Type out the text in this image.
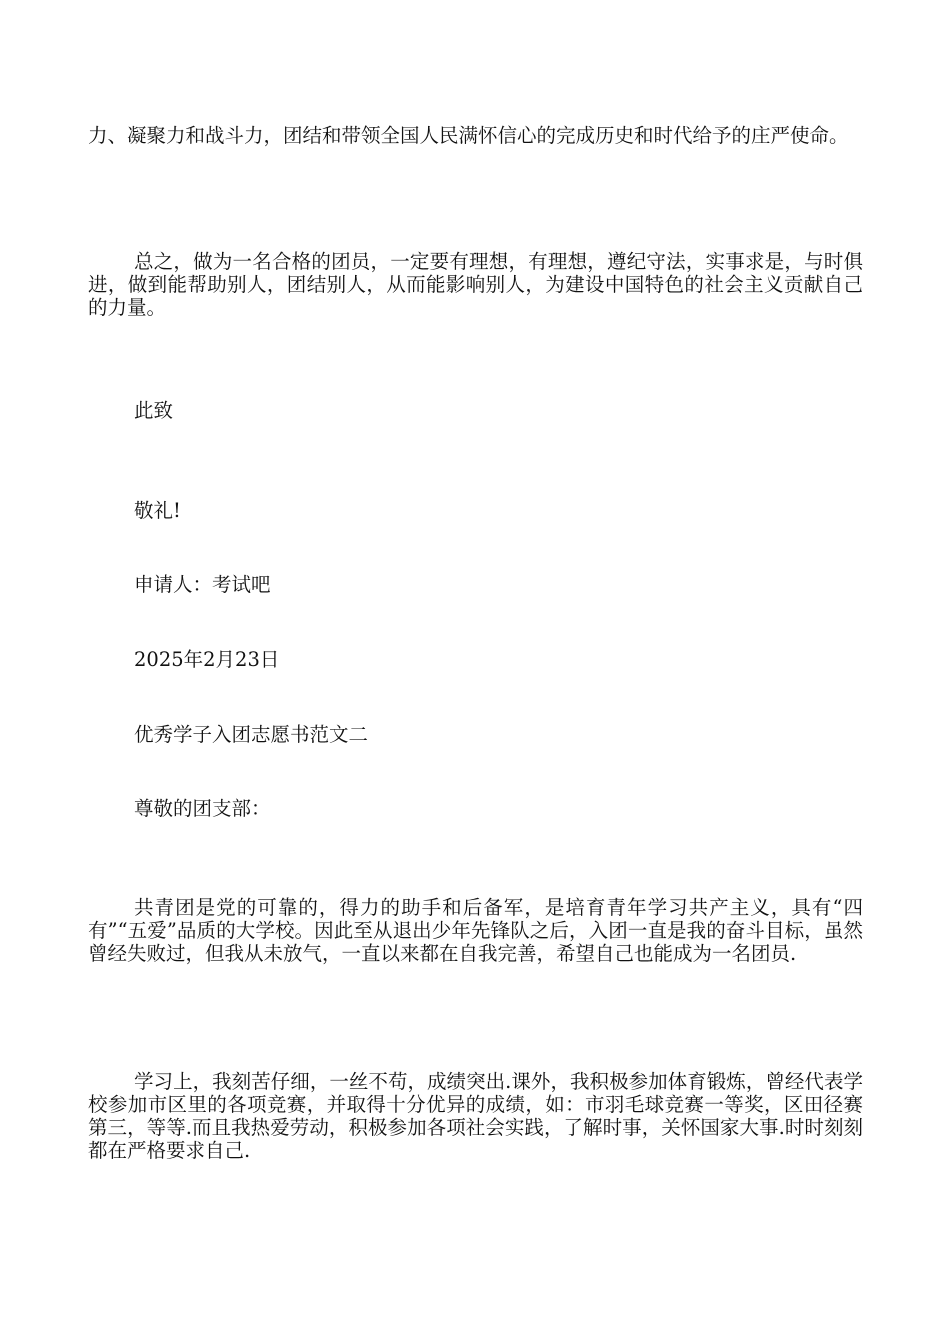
力、凝聚力和战斗力，团结和带领全国人民满怀信心的完成历史和时代给予的庄严使命。

总之，做为一名合格的团员，一定要有理想，有理想，遵纪守法，实事求是，与时俱进，做到能帮助别人，团结别人，从而能影响别人，为建设中国特色的社会主义贡献自己的力量。

此致
敬礼!
申请人：考试吧
2025年2月23日
优秀学子入团志愿书范文二
尊敬的团支部：

共青团是党的可靠的，得力的助手和后备军，是培育青年学习共产主义，具有“四有”“五爱”品质的大学校。因此至从退出少年先锋队之后，入团一直是我的奋斗目标，虽然曾经失败过，但我从未放气，一直以来都在自我完善，希望自己也能成为一名团员.

学习上，我刻苦仔细，一丝不苟，成绩突出.课外，我积极参加体育锻炼，曾经代表学校参加市区里的各项竞赛，并取得十分优异的成绩，如：市羽毛球竞赛一等奖，区田径赛第三，等等.而且我热爱劳动，积极参加各项社会实践，了解时事，关怀国家大事.时时刻刻都在严格要求自己.
